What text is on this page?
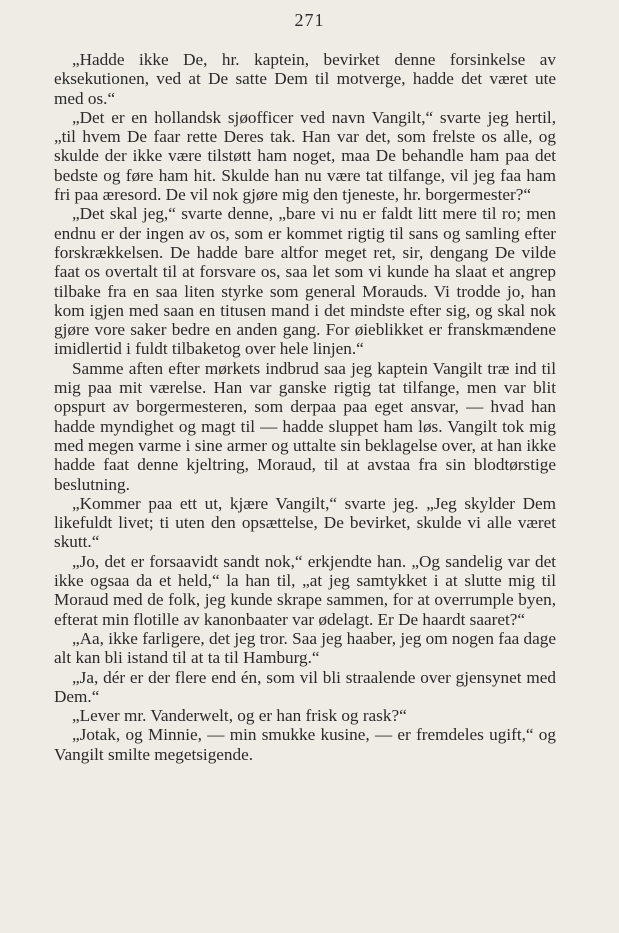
271

„Hadde ikke De, hr. kaptein, bevirket denne forsinkelse av eksekutionen, ved at De satte Dem til motverge, hadde det været ute med os.“

„Det er en hollandsk sjøofficer ved navn Vangilt,“ svarte jeg hertil, „til hvem De faar rette Deres tak. Han var det, som frelste os alle, og skulde der ikke være tilstøtt ham noget, maa De behandle ham paa det bedste og føre ham hit. Skulde han nu være tat tilfange, vil jeg faa ham fri paa æresord. De vil nok gjøre mig den tjeneste, hr. borgermester?“

„Det skal jeg,“ svarte denne, „bare vi nu er faldt litt mere til ro; men endnu er der ingen av os, som er kommet rigtig til sans og samling efter forskrækkelsen. De hadde bare altfor meget ret, sir, dengang De vilde faat os overtalt til at forsvare os, saa let som vi kunde ha slaat et angrep tilbake fra en saa liten styrke som general Morauds. Vi trodde jo, han kom igjen med saan en titusen mand i det mindste efter sig, og skal nok gjøre vore saker bedre en anden gang. For øieblikket er franskmændene imidlertid i fuldt tilbaketog over hele linjen.“

Samme aften efter mørkets indbrud saa jeg kaptein Vangilt træ ind til mig paa mit værelse. Han var ganske rigtig tat tilfange, men var blit opspurt av borgermesteren, som derpaa paa eget ansvar, — hvad han hadde myndighet og magt til — hadde sluppet ham løs. Vangilt tok mig med megen varme i sine armer og uttalte sin beklagelse over, at han ikke hadde faat denne kjeltring, Moraud, til at avstaa fra sin blodtørstige beslutning.

„Kommer paa ett ut, kjære Vangilt,“ svarte jeg. „Jeg skylder Dem likefuldt livet; ti uten den opsættelse, De bevirket, skulde vi alle været skutt.“

„Jo, det er forsaavidt sandt nok,“ erkjendte han. „Og sandelig var det ikke ogsaa da et held,“ la han til, „at jeg samtykket i at slutte mig til Moraud med de folk, jeg kunde skrape sammen, for at overrumple byen, efterat min flotille av kanonbaater var ødelagt. Er De haardt saaret?“

„Aa, ikke farligere, det jeg tror. Saa jeg haaber, jeg om nogen faa dage alt kan bli istand til at ta til Hamburg.“

„Ja, dér er der flere end én, som vil bli straalende over gjensynet med Dem.“

„Lever mr. Vanderwelt, og er han frisk og rask?“

„Jotak, og Minnie, — min smukke kusine, — er fremdeles ugift,“ og Vangilt smilte megetsigende.
